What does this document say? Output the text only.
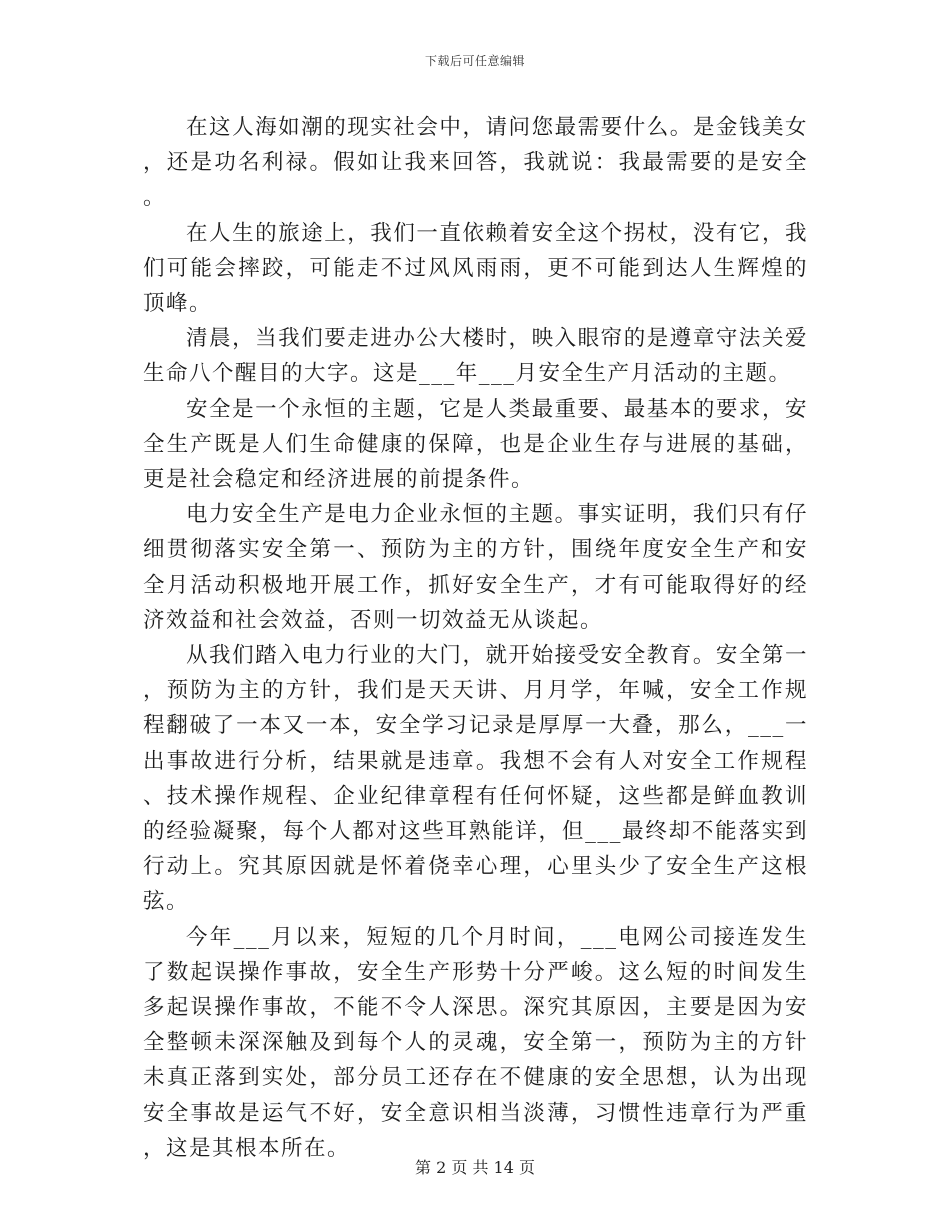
下载后可任意编辑

在这人海如潮的现实社会中，请问您最需要什么。是金钱美女，还是功名利禄。假如让我来回答，我就说：我最需要的是安全。

在人生的旅途上，我们一直依赖着安全这个拐杖，没有它，我们可能会摔跤，可能走不过风风雨雨，更不可能到达人生辉煌的顶峰。

清晨，当我们要走进办公大楼时，映入眼帘的是遵章守法关爱生命八个醒目的大字。这是___年___月安全生产月活动的主题。

安全是一个永恒的主题，它是人类最重要、最基本的要求，安全生产既是人们生命健康的保障，也是企业生存与进展的基础，更是社会稳定和经济进展的前提条件。

电力安全生产是电力企业永恒的主题。事实证明，我们只有仔细贯彻落实安全第一、预防为主的方针，围绕年度安全生产和安全月活动积极地开展工作，抓好安全生产，才有可能取得好的经济效益和社会效益，否则一切效益无从谈起。

从我们踏入电力行业的大门，就开始接受安全教育。安全第一，预防为主的方针，我们是天天讲、月月学，年喊，安全工作规程翻破了一本又一本，安全学习记录是厚厚一大叠，那么，___一出事故进行分析，结果就是违章。我想不会有人对安全工作规程、技术操作规程、企业纪律章程有任何怀疑，这些都是鲜血教训的经验凝聚，每个人都对这些耳熟能详，但___最终却不能落实到行动上。究其原因就是怀着侥幸心理，心里头少了安全生产这根弦。

今年___月以来，短短的几个月时间，___电网公司接连发生了数起误操作事故，安全生产形势十分严峻。这么短的时间发生多起误操作事故，不能不令人深思。深究其原因，主要是因为安全整顿未深深触及到每个人的灵魂，安全第一，预防为主的方针未真正落到实处，部分员工还存在不健康的安全思想，认为出现安全事故是运气不好，安全意识相当淡薄，习惯性违章行为严重，这是其根本所在。

第 2 页 共 14 页
